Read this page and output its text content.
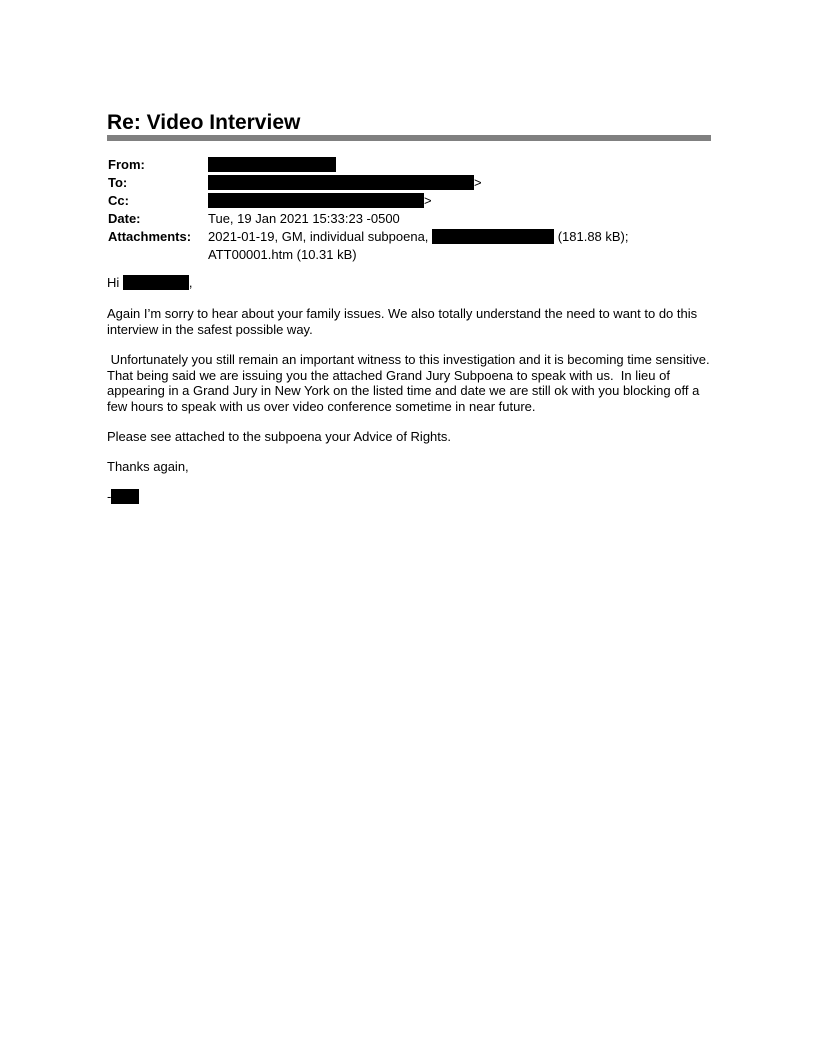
Re: Video Interview
From:
To:	>
Cc:	>
Date:	Tue, 19 Jan 2021 15:33:23 -0500
Attachments: 2021-01-19, GM, individual subpoena,	(181.88 kB);
ATT00001.htm (10.31 kB)

Hi	,

Again I’m sorry to hear about your family issues. We also totally understand the need to want to do this interview in the safest possible way.

Unfortunately you still remain an important witness to this investigation and it is becoming time sensitive.  That being said we are issuing you the attached Grand Jury Subpoena to speak with us.  In lieu of appearing in a Grand Jury in New York on the listed time and date we are still ok with you blocking off a few hours to speak with us over video conference sometime in near future.

Please see attached to the subpoena your Advice of Rights.

Thanks again,

-
